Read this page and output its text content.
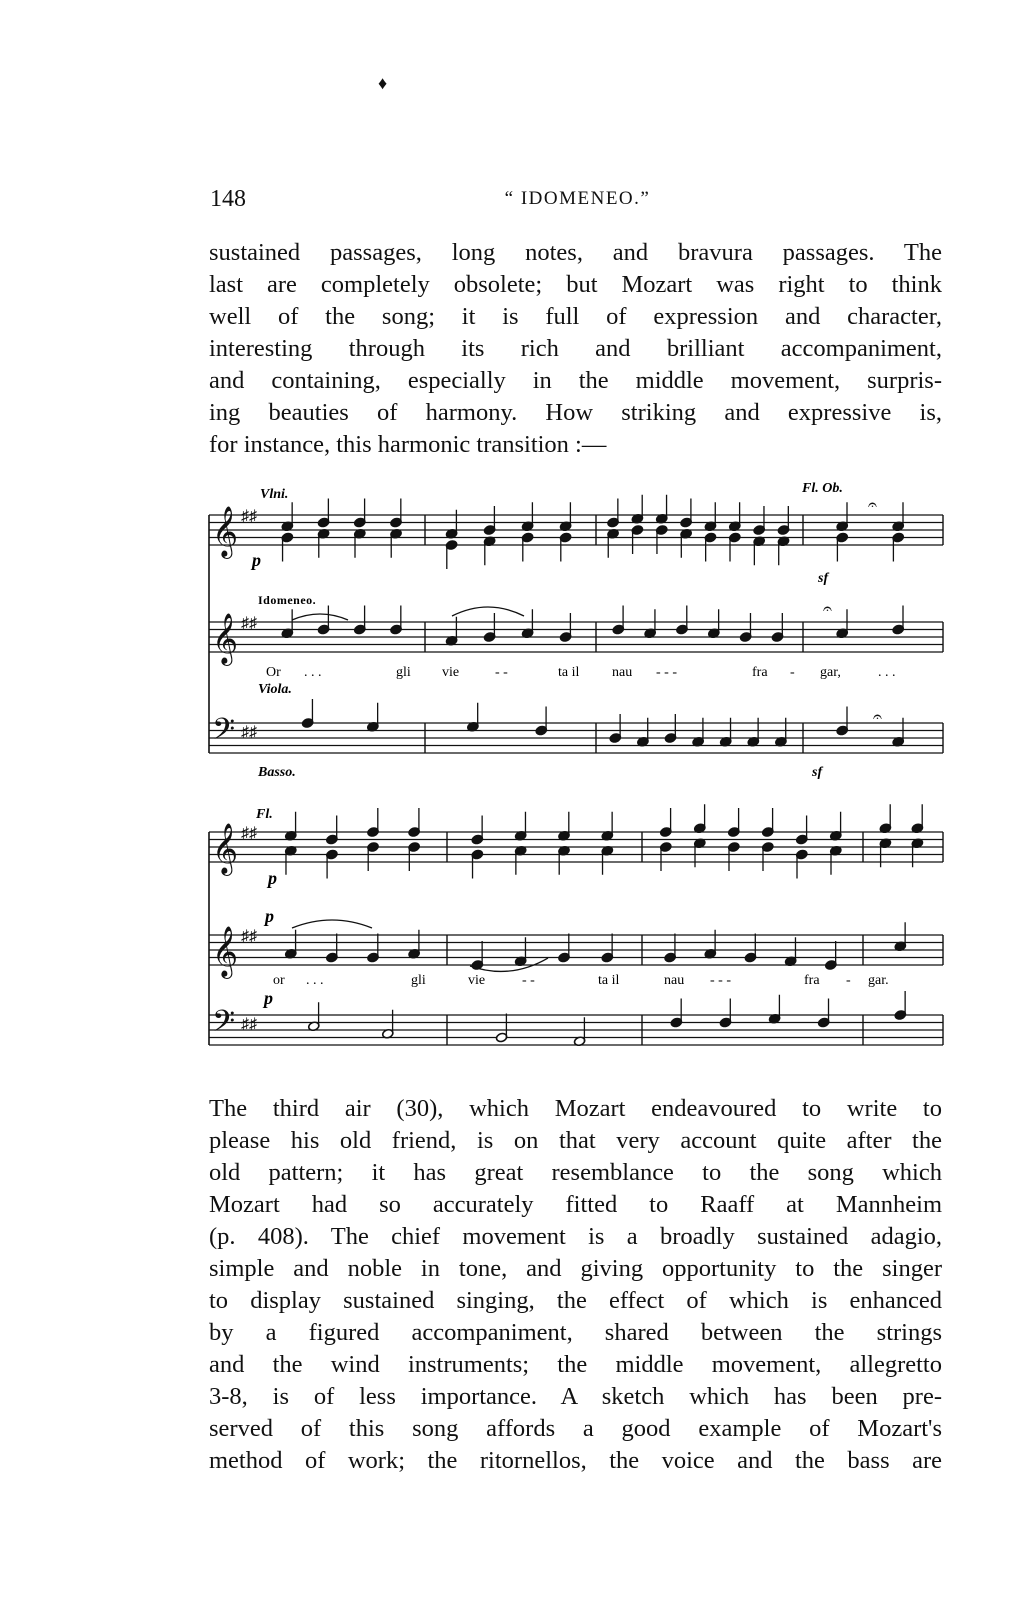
♦
148	“ IDOMENEO.”
sustained passages, long notes, and bravura passages. The
last are completely obsolete; but Mozart was right to think
well of the song; it is full of expression and character,
interesting through its rich and brilliant accompaniment,
and containing, especially in the middle movement, surpris-
ing beauties of harmony. How striking and expressive is,
for instance, this harmonic transition :—
Vlni.	Fl. Ob.
Idomeneo.
Viola.
Basso.
p
sf
sf
Fl.
p
p
p
Or . . .	gli vie	- -	ta il nau - - -	fra - gar,	. . .
or . . .	gli	vie	- -	ta il	nau - - -	fra - gar.
𝄞 ♯♯
𝄞 ♯♯
𝄢 ♯♯
𝄐
𝄐
𝄐
𝄞 ♯♯
𝄞 ♯♯
𝄢 ♯♯
The third air (30), which Mozart endeavoured to write to
please his old friend, is on that very account quite after the
old pattern; it has great resemblance to the song which
Mozart had so accurately fitted to Raaff at Mannheim
(p. 408). The chief movement is a broadly sustained adagio,
simple and noble in tone, and giving opportunity to the singer
to display sustained singing, the effect of which is enhanced
by a figured accompaniment, shared between the strings
and the wind instruments; the middle movement, allegretto
3-8, is of less importance. A sketch which has been pre-
served of this song affords a good example of Mozart's
method of work; the ritornellos, the voice and the bass are
